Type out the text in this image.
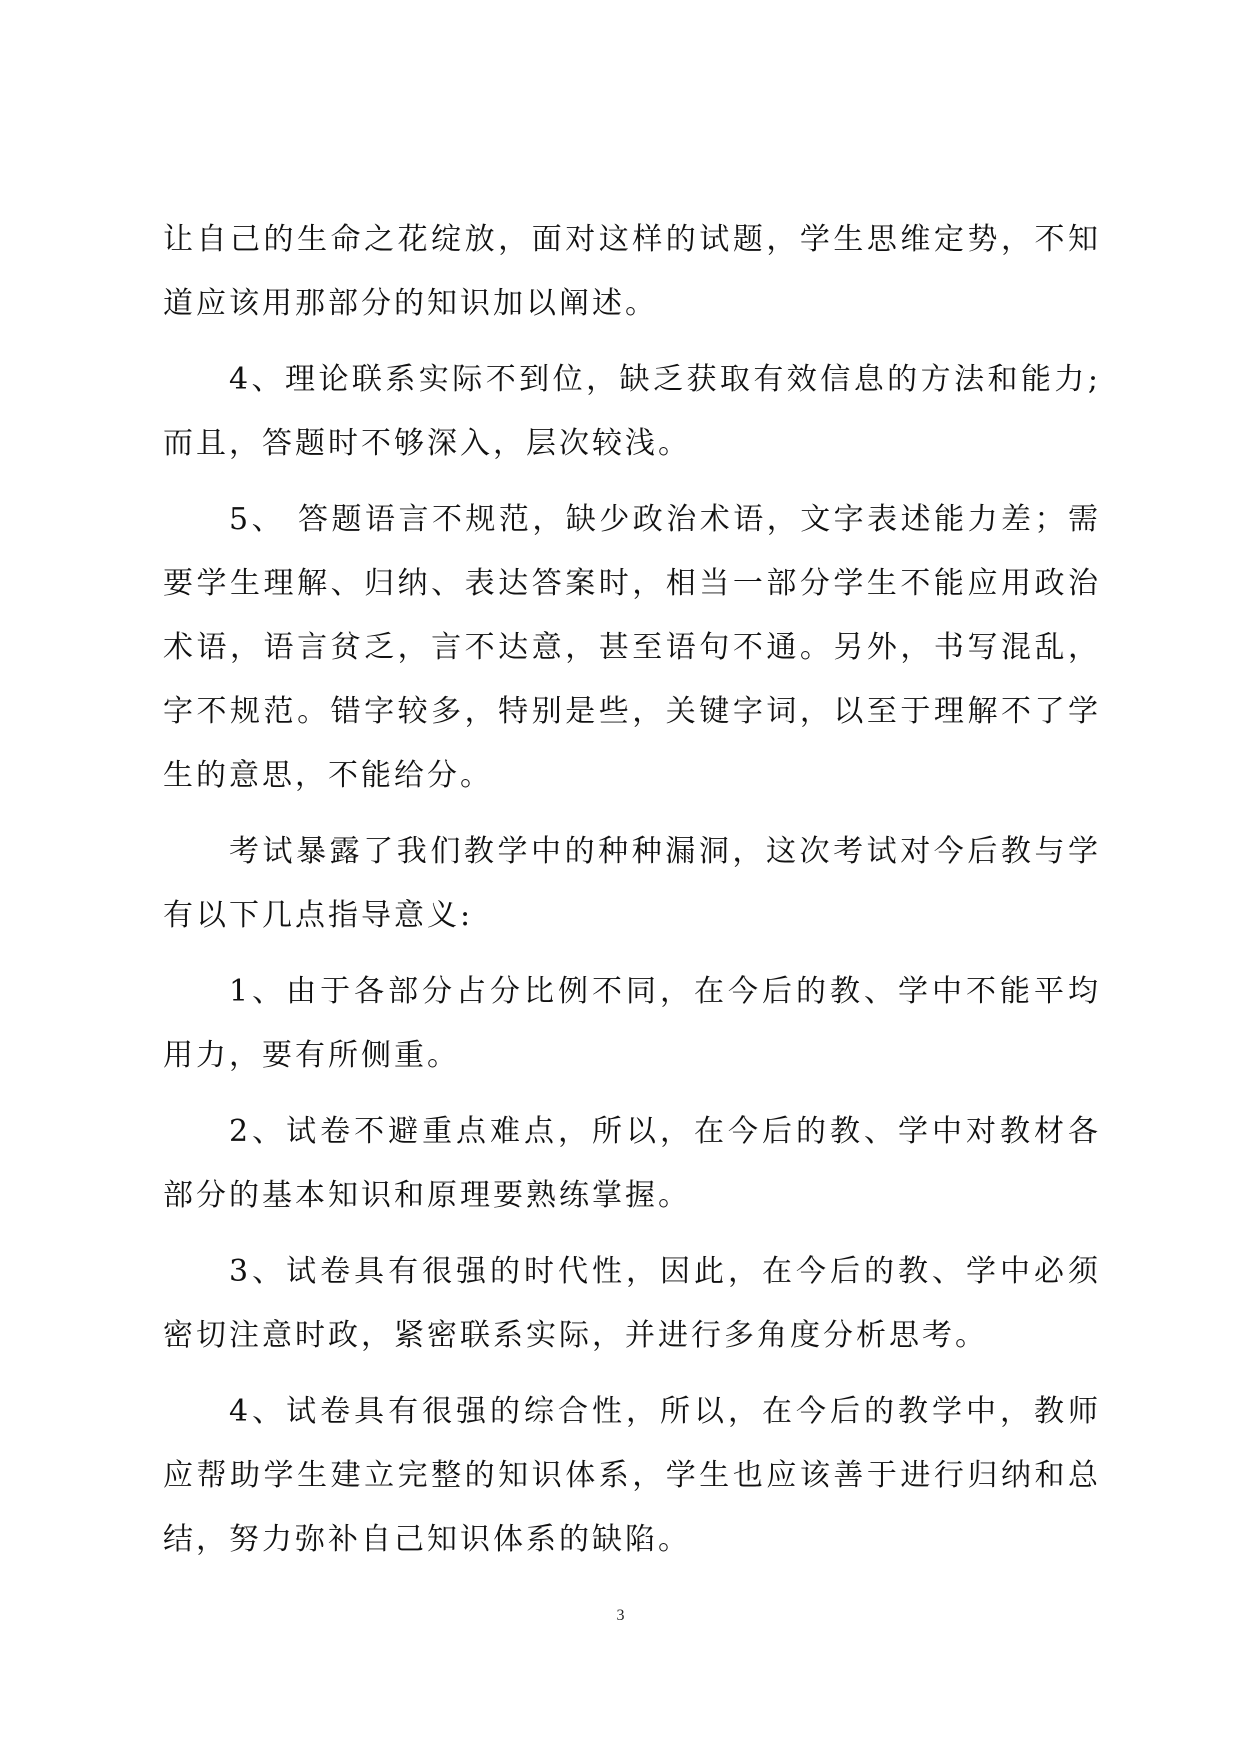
让自己的生命之花绽放，面对这样的试题，学生思维定势，不知道应该用那部分的知识加以阐述。

4、理论联系实际不到位，缺乏获取有效信息的方法和能力; 而且，答题时不够深入，层次较浅。

5、 答题语言不规范，缺少政治术语，文字表述能力差；需要学生理解、归纳、表达答案时，相当一部分学生不能应用政治术语，语言贫乏，言不达意，甚至语句不通。另外，书写混乱，字不规范。错字较多，特别是些，关键字词，以至于理解不了学生的意思，不能给分。

考试暴露了我们教学中的种种漏洞，这次考试对今后教与学有以下几点指导意义:

1、由于各部分占分比例不同，在今后的教、学中不能平均用力，要有所侧重。

2、试卷不避重点难点，所以，在今后的教、学中对教材各部分的基本知识和原理要熟练掌握。

3、试卷具有很强的时代性，因此，在今后的教、学中必须密切注意时政，紧密联系实际，并进行多角度分析思考。

4、试卷具有很强的综合性，所以，在今后的教学中，教师应帮助学生建立完整的知识体系，学生也应该善于进行归纳和总结，努力弥补自己知识体系的缺陷。

3
